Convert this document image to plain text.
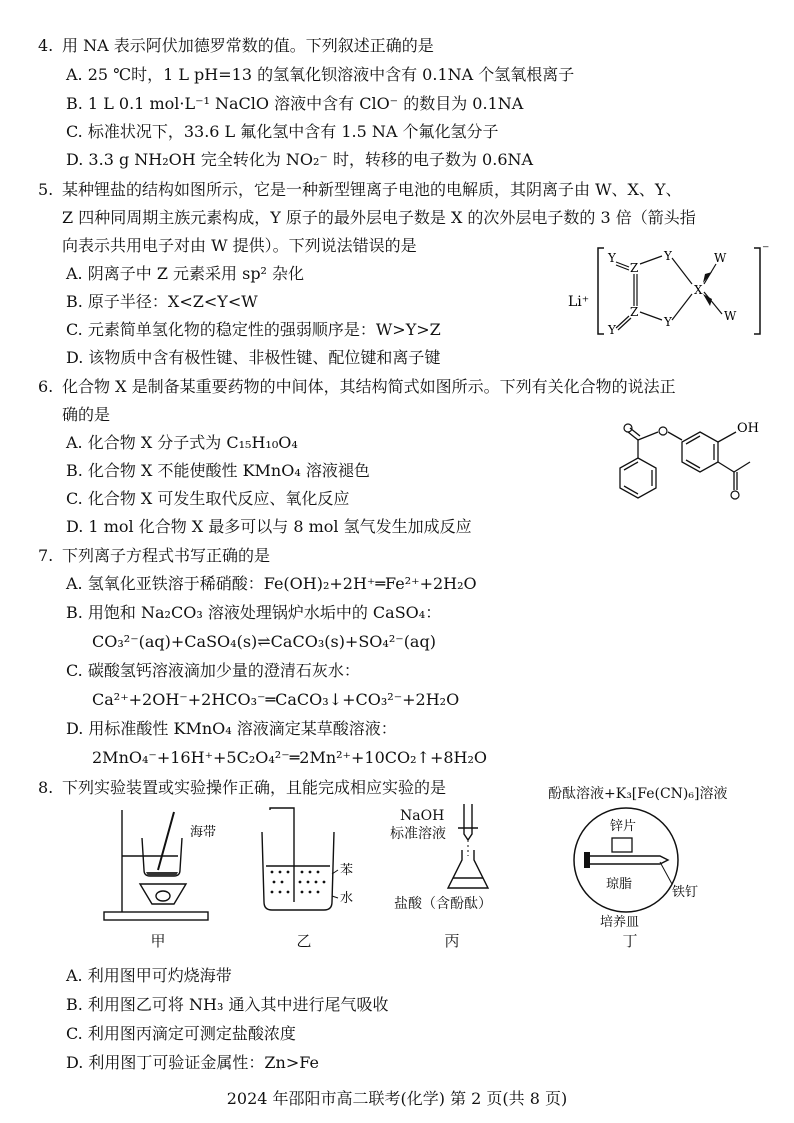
4. 用 NA 表示阿伏加德罗常数的值。下列叙述正确的是
A. 25 ℃时，1 L pH=13 的氢氧化钡溶液中含有 0.1NA 个氢氧根离子
B. 1 L 0.1 mol·L⁻¹ NaClO 溶液中含有 ClO⁻ 的数目为 0.1NA
C. 标准状况下，33.6 L 氟化氢中含有 1.5 NA 个氟化氢分子
D. 3.3 g NH₂OH 完全转化为 NO₂⁻ 时，转移的电子数为 0.6NA
5. 某种锂盐的结构如图所示，它是一种新型锂离子电池的电解质，其阴离子由 W、X、Y、
Z 四种同周期主族元素构成，Y 原子的最外层电子数是 X 的次外层电子数的 3 倍（箭头指
向表示共用电子对由 W 提供）。下列说法错误的是
A. 阴离子中 Z 元素采用 sp² 杂化
B. 原子半径：X<Z<Y<W
C. 元素简单氢化物的稳定性的强弱顺序是：W>Y>Z
D. 该物质中含有极性键、非极性键、配位键和离子键
Li⁺
⁻
Y
Z
Y
X
W
Z
Y
Y
W
6. 化合物 X 是制备某重要药物的中间体，其结构简式如图所示。下列有关化合物的说法正
确的是
A. 化合物 X 分子式为 C₁₅H₁₀O₄
B. 化合物 X 不能使酸性 KMnO₄ 溶液褪色
C. 化合物 X 可发生取代反应、氧化反应
D. 1 mol 化合物 X 最多可以与 8 mol 氢气发生加成反应
OH
7. 下列离子方程式书写正确的是
A. 氢氧化亚铁溶于稀硝酸：Fe(OH)₂+2H⁺═Fe²⁺+2H₂O
B. 用饱和 Na₂CO₃ 溶液处理锅炉水垢中的 CaSO₄：
CO₃²⁻(aq)+CaSO₄(s)⇌CaCO₃(s)+SO₄²⁻(aq)
C. 碳酸氢钙溶液滴加少量的澄清石灰水：
Ca²⁺+2OH⁻+2HCO₃⁻═CaCO₃↓+CO₃²⁻+2H₂O
D. 用标准酸性 KMnO₄ 溶液滴定某草酸溶液：
2MnO₄⁻+16H⁺+5C₂O₄²⁻═2Mn²⁺+10CO₂↑+8H₂O
8. 下列实验装置或实验操作正确，且能完成相应实验的是
海带
甲
苯
水
乙
NaOH
标准溶液
盐酸（含酚酞）
丙
酚酞溶液+K₃[Fe(CN)₆]溶液
锌片
铁钉
琼脂
培养皿
丁
A. 利用图甲可灼烧海带
B. 利用图乙可将 NH₃ 通入其中进行尾气吸收
C. 利用图丙滴定可测定盐酸浓度
D. 利用图丁可验证金属性：Zn>Fe
2024 年邵阳市高二联考(化学) 第 2 页(共 8 页)
